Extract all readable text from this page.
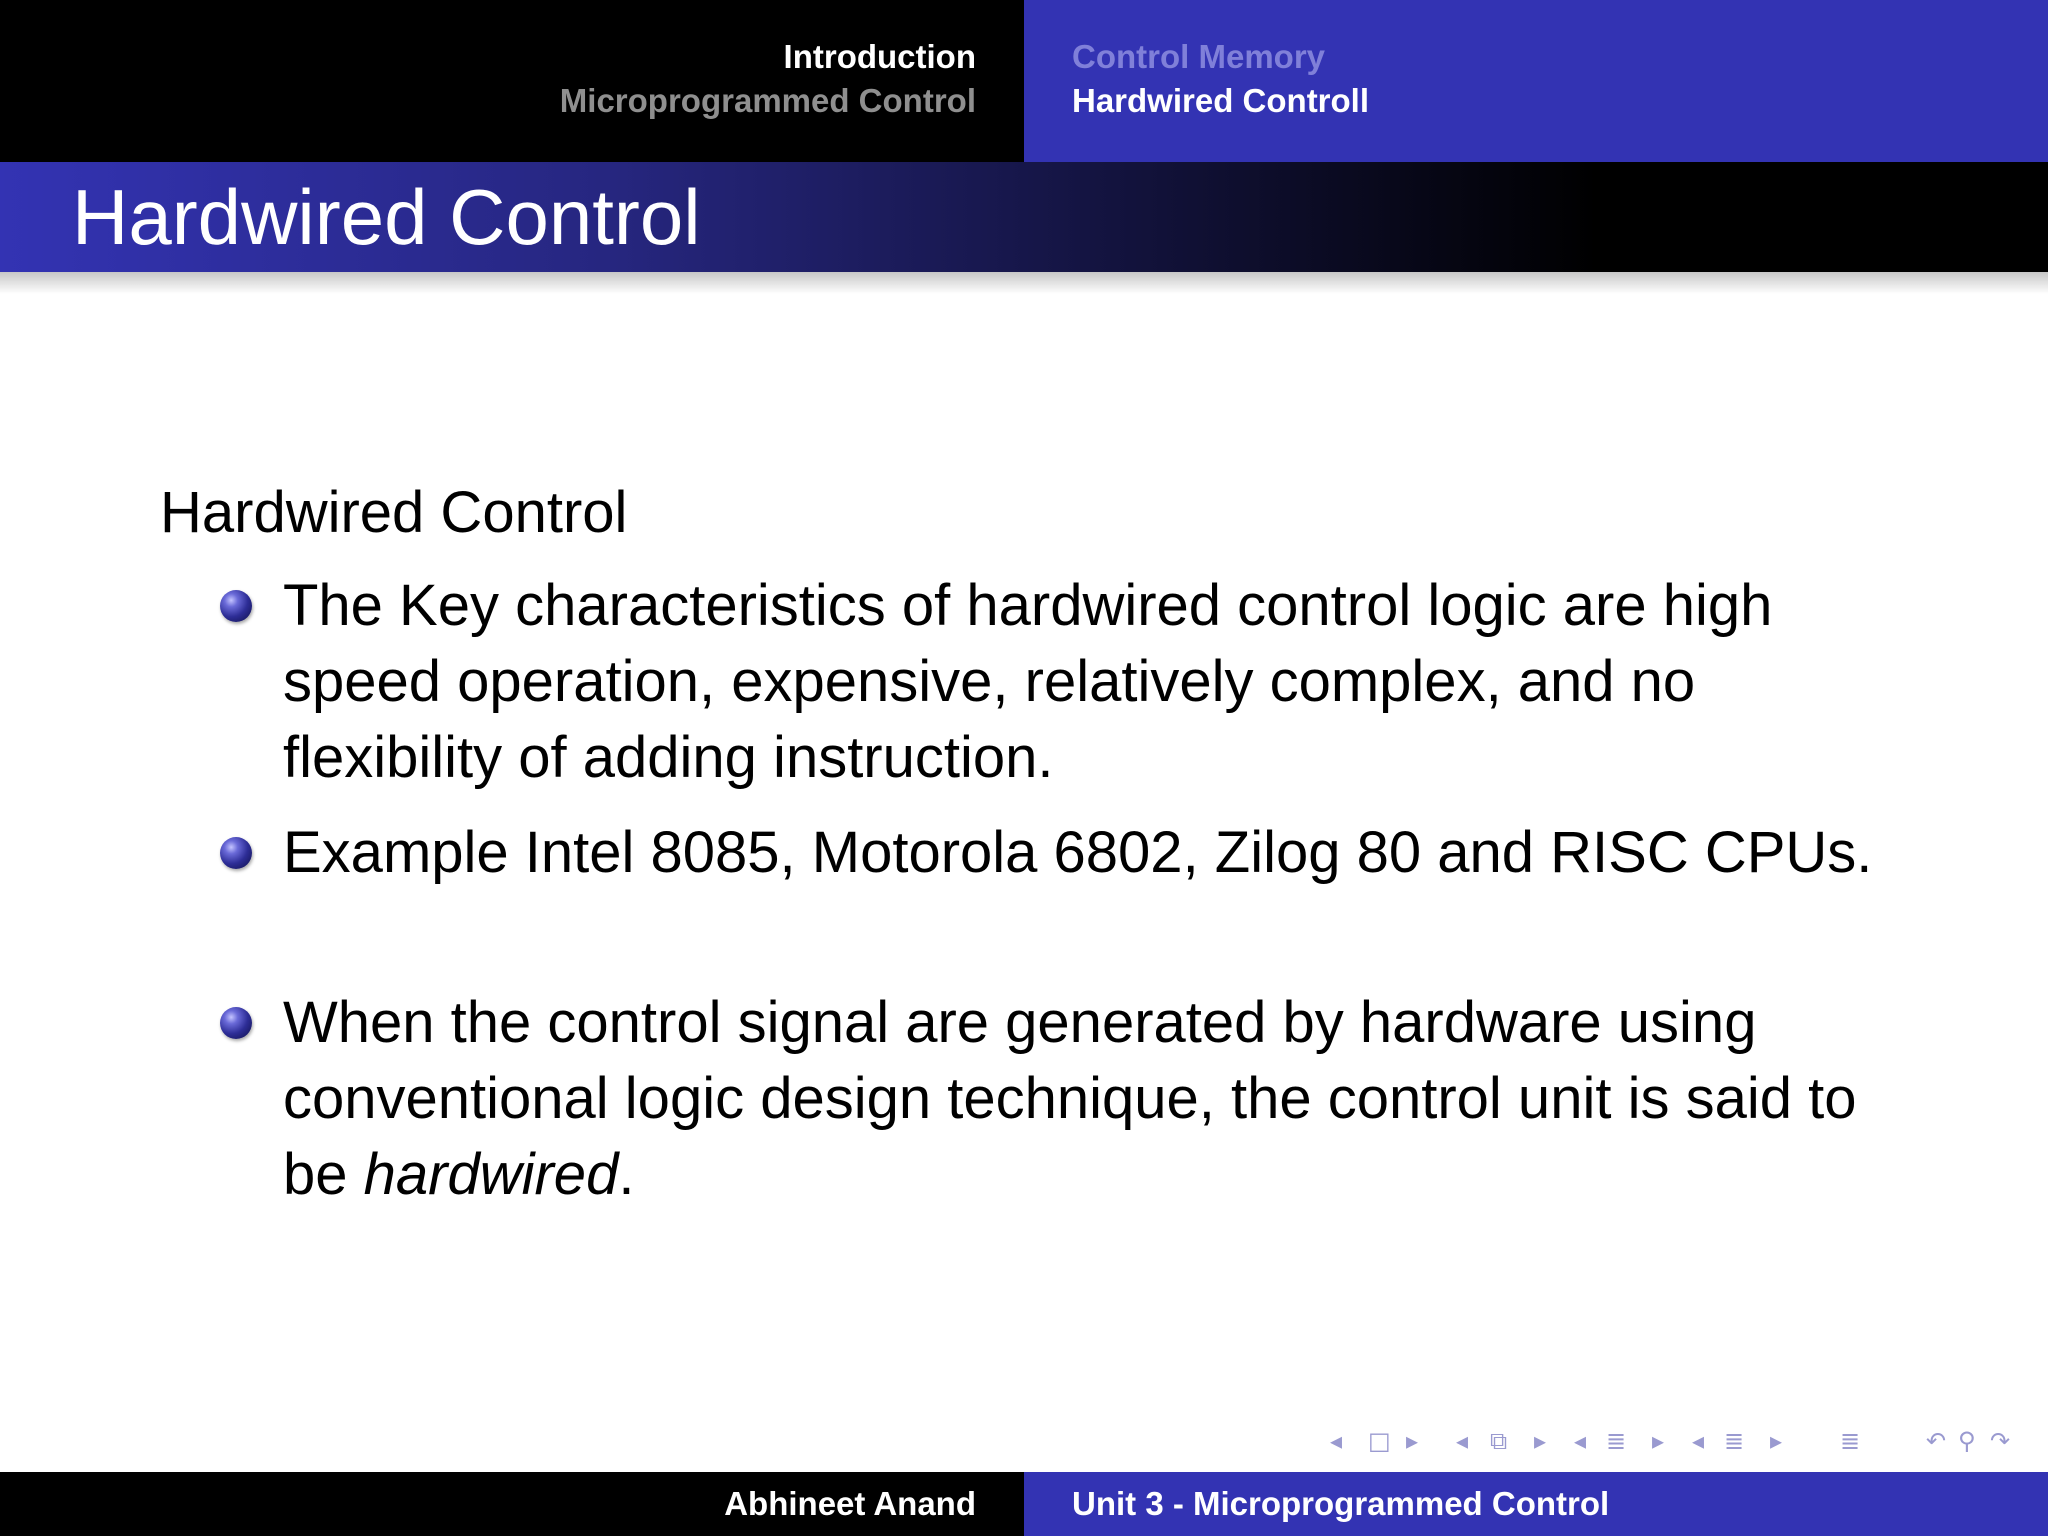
Introduction
Microprogrammed Control
Control Memory
Hardwired Controll
Hardwired Control
Hardwired Control
The Key characteristics of hardwired control logic are high speed operation, expensive, relatively complex, and no flexibility of adding instruction.
Example Intel 8085, Motorola 6802, Zilog 80 and RISC CPUs.
When the control signal are generated by hardware using conventional logic design technique, the control unit is said to be hardwired.
◂ □ ▸ ◂ ⧉ ▸ ◂ ≣ ▸ ◂ ≣ ▸ ≣	↶ ⚲ ↷
Abhineet Anand	Unit 3 - Microprogrammed Control
